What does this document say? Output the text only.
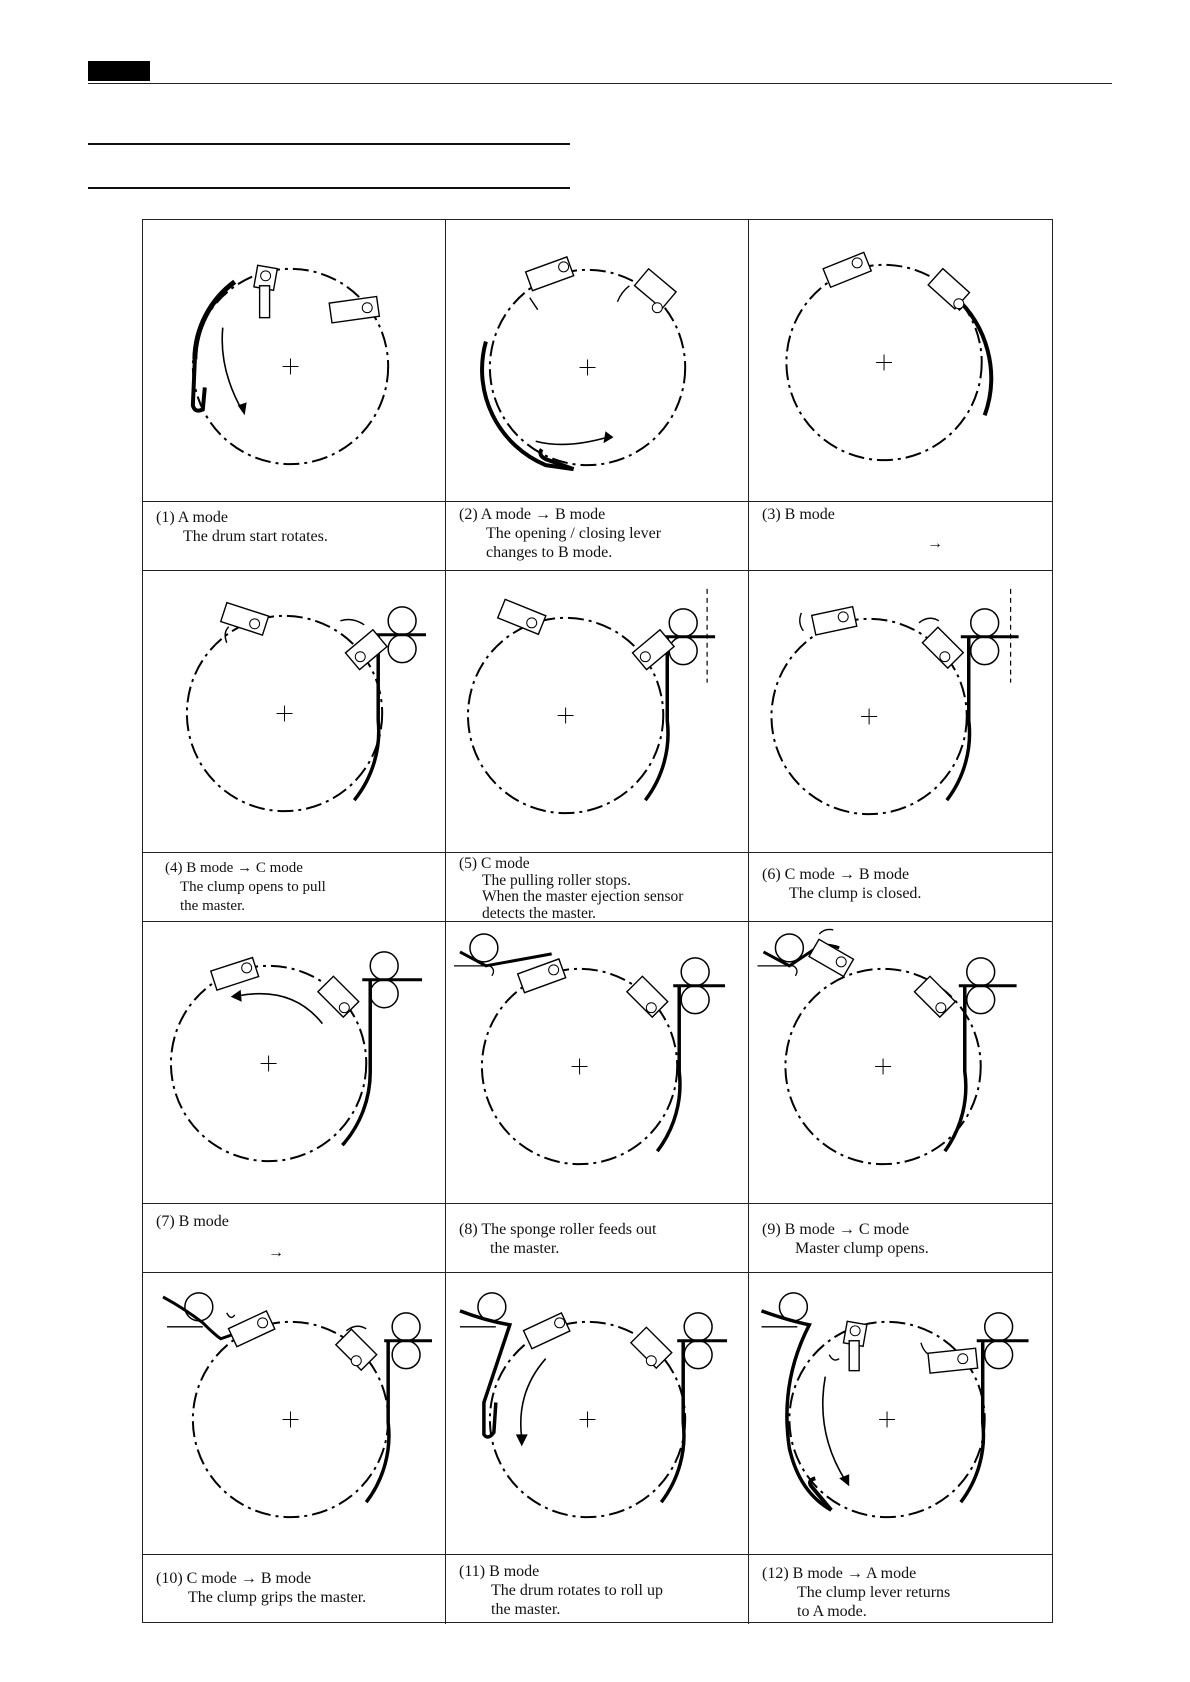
(1) A mode
The drum start rotates.
(2) A mode → B mode
The opening / closing lever
changes to B mode.
(3) B mode
→
(4) B mode → C mode
The clump opens to pull
the master.
(5) C mode
The pulling roller stops.
When the master ejection sensor
detects the master.
(6) C mode → B mode
The clump is closed.
(7) B mode
→
(8) The sponge roller feeds out
the master.
(9) B mode → C mode
Master clump opens.
(10) C mode → B mode
The clump grips the master.
(11) B mode
The drum rotates to roll up
the master.
(12) B mode → A mode
The clump lever returns
to A mode.
